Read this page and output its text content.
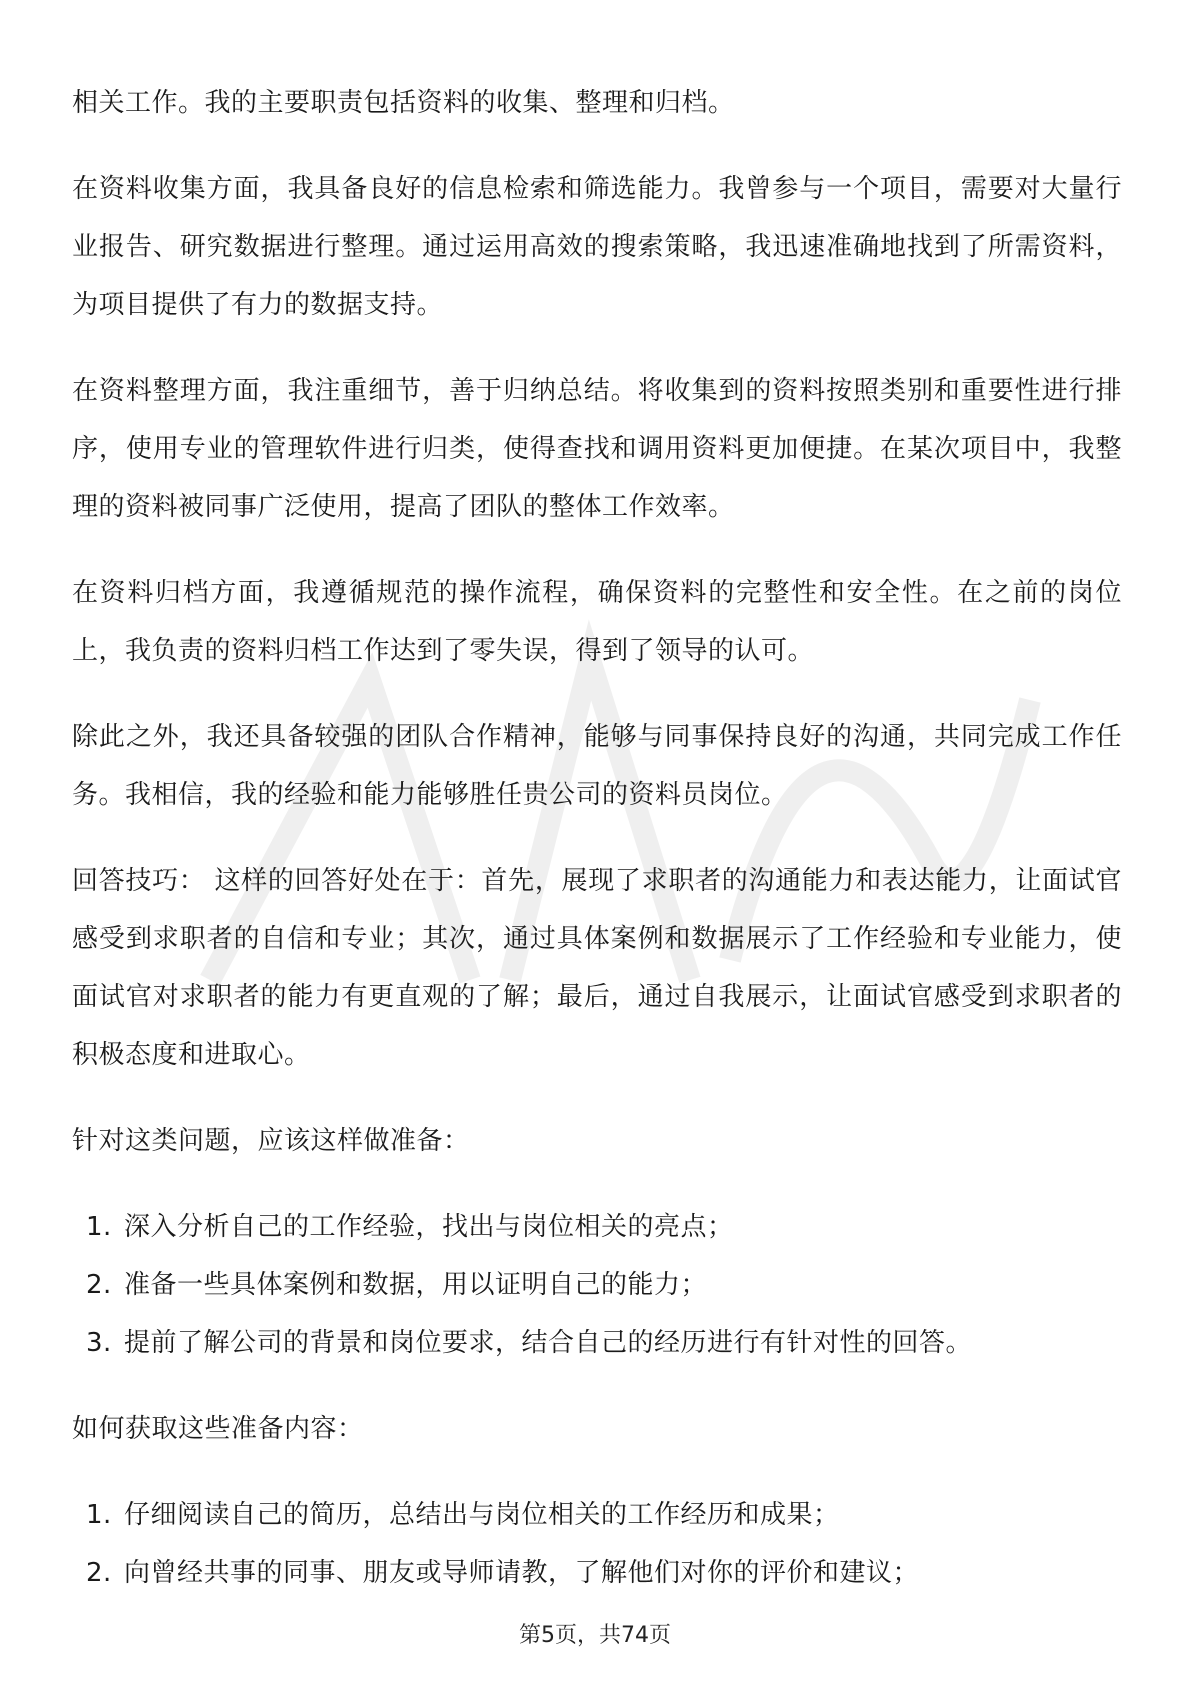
相关工作。我的主要职责包括资料的收集、整理和归档。

在资料收集方面，我具备良好的信息检索和筛选能力。我曾参与一个项目，需要对大量行业报告、研究数据进行整理。通过运用高效的搜索策略，我迅速准确地找到了所需资料，为项目提供了有力的数据支持。

在资料整理方面，我注重细节，善于归纳总结。将收集到的资料按照类别和重要性进行排序，使用专业的管理软件进行归类，使得查找和调用资料更加便捷。在某次项目中，我整理的资料被同事广泛使用，提高了团队的整体工作效率。

在资料归档方面，我遵循规范的操作流程，确保资料的完整性和安全性。在之前的岗位上，我负责的资料归档工作达到了零失误，得到了领导的认可。

除此之外，我还具备较强的团队合作精神，能够与同事保持良好的沟通，共同完成工作任务。我相信，我的经验和能力能够胜任贵公司的资料员岗位。

回答技巧： 这样的回答好处在于：首先，展现了求职者的沟通能力和表达能力，让面试官感受到求职者的自信和专业；其次，通过具体案例和数据展示了工作经验和专业能力，使面试官对求职者的能力有更直观的了解；最后，通过自我展示，让面试官感受到求职者的积极态度和进取心。

针对这类问题，应该这样做准备：

1. 深入分析自己的工作经验，找出与岗位相关的亮点；
2. 准备一些具体案例和数据，用以证明自己的能力；
3. 提前了解公司的背景和岗位要求，结合自己的经历进行有针对性的回答。

如何获取这些准备内容：

1. 仔细阅读自己的简历，总结出与岗位相关的工作经历和成果；
2. 向曾经共事的同事、朋友或导师请教，了解他们对你的评价和建议；
第5页，共74页
